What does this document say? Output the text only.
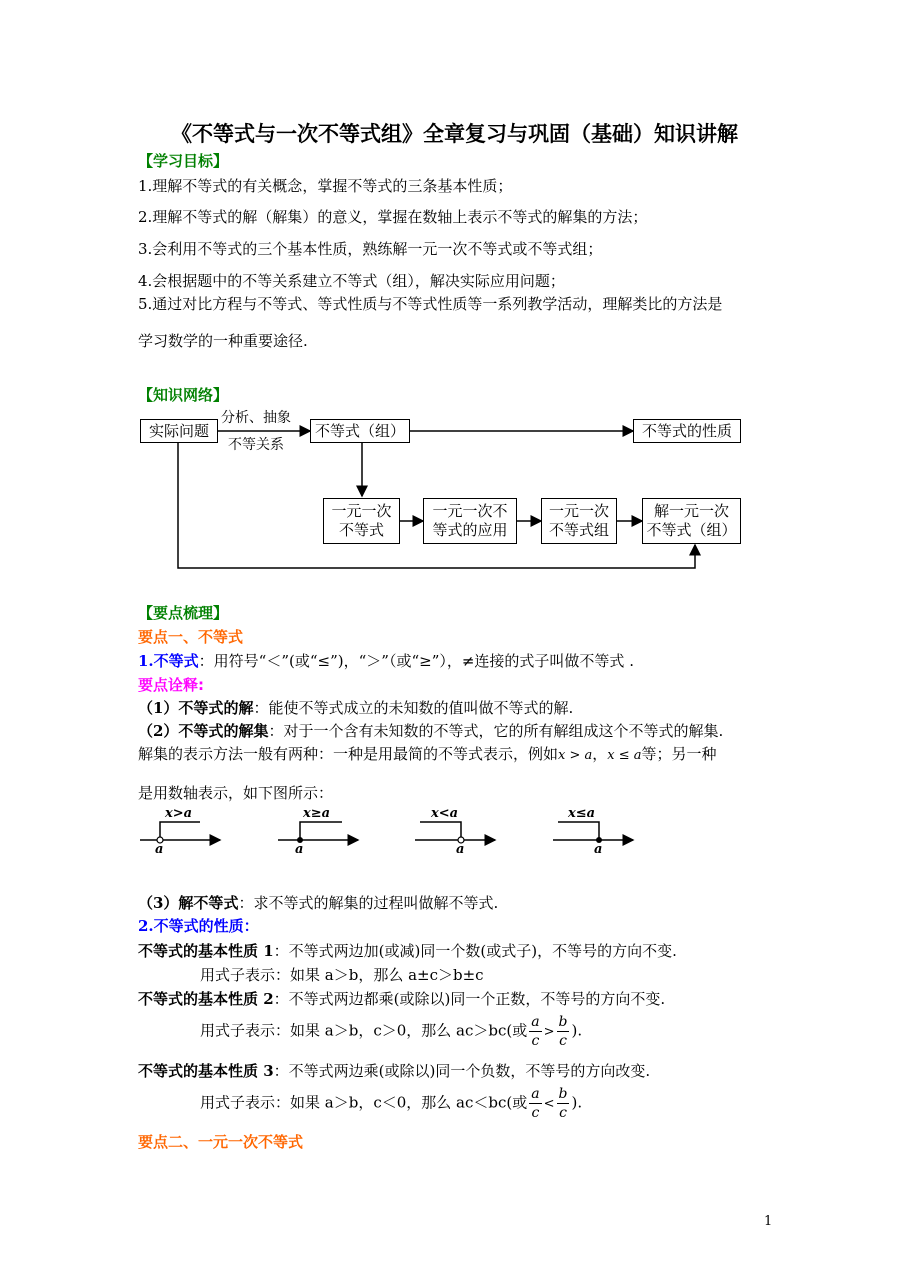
《不等式与一次不等式组》全章复习与巩固（基础）知识讲解
【学习目标】
1.理解不等式的有关概念，掌握不等式的三条基本性质；
2.理解不等式的解（解集）的意义，掌握在数轴上表示不等式的解集的方法；
3.会利用不等式的三个基本性质，熟练解一元一次不等式或不等式组；
4.会根据题中的不等关系建立不等式（组），解决实际应用问题；
5.通过对比方程与不等式、等式性质与不等式性质等一系列教学活动，理解类比的方法是
学习数学的一种重要途径.
【知识网络】
实际问题
分析、抽象
不等关系
不等式（组）	不等式的性质
一元一次
不等式
一元一次不
等式的应用
一元一次
不等式组
解一元一次
不等式（组）
【要点梳理】
要点一、不等式
1.不等式：用符号“＜”(或“≤”)，“＞”（或“≥”），≠连接的式子叫做不等式 .
要点诠释:
（1）不等式的解：能使不等式成立的未知数的值叫做不等式的解.
（2）不等式的解集：对于一个含有未知数的不等式，它的所有解组成这个不等式的解集.
解集的表示方法一般有两种：一种是用最简的不等式表示，例如x > a，x ≤ a等；另一种
是用数轴表示，如下图所示：
x>a
a
x≥a
a
x<a
a
x≤a
a
（3）解不等式：求不等式的解集的过程叫做解不等式.
2.不等式的性质：
不等式的基本性质 1：不等式两边加(或减)同一个数(或式子)，不等号的方向不变.
用式子表示：如果 a＞b，那么 a±c＞b±c
不等式的基本性质 2：不等式两边都乘(或除以)同一个正数，不等号的方向不变.
用式子表示：如果 a＞b，c＞0，那么 ac＞bc(或 $\frac{a}{c} > \frac{b}{c}$ ).
不等式的基本性质 3：不等式两边乘(或除以)同一个负数，不等号的方向改变.
用式子表示：如果 a＞b，c＜0，那么 ac＜bc(或 $\frac{a}{c} < \frac{b}{c}$ ).
要点二、一元一次不等式
1
